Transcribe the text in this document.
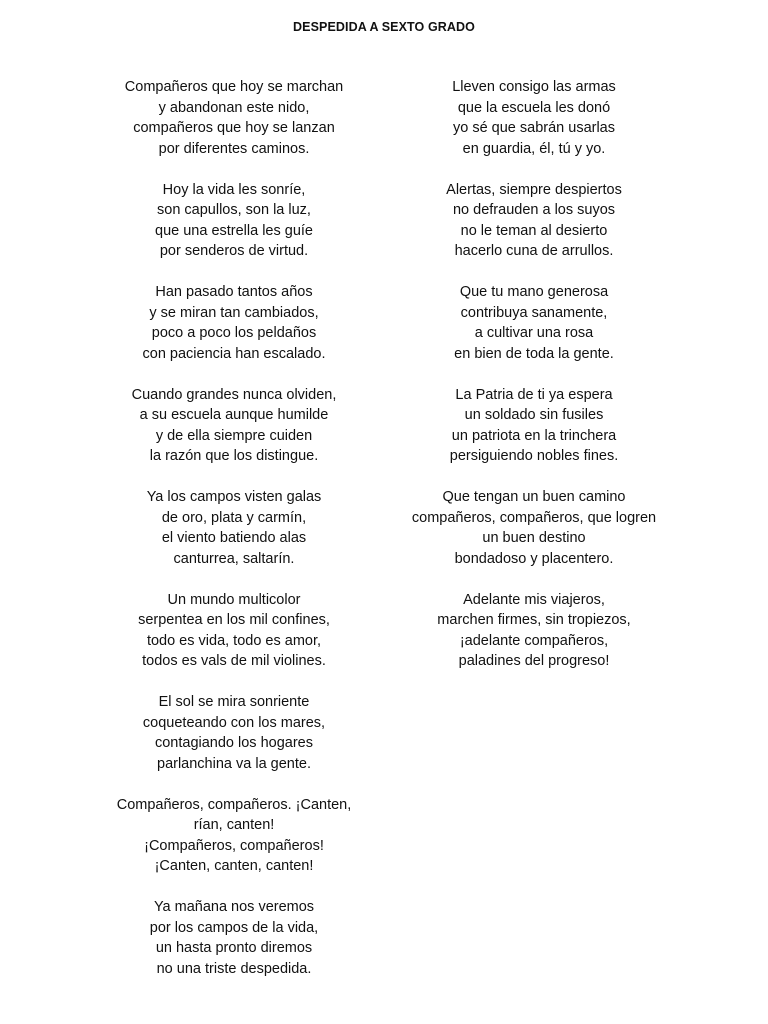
DESPEDIDA A SEXTO GRADO
Compañeros que hoy se marchan
y abandonan este nido,
compañeros que hoy se lanzan
por diferentes caminos.
Hoy la vida les sonríe,
son capullos, son la luz,
que una estrella les guíe
por senderos de virtud.
Han pasado tantos años
y se miran tan cambiados,
poco a poco los peldaños
con paciencia han escalado.
Cuando grandes nunca olviden,
a su escuela aunque humilde
y de ella siempre cuiden
la razón que los distingue.
Ya los campos visten galas
de oro, plata y carmín,
el viento batiendo alas
canturrea, saltarín.
Un mundo multicolor
serpentea en los mil confines,
todo es vida, todo es amor,
todos es vals de mil violines.
El sol se mira sonriente
coqueteando con los mares,
contagiando los hogares
parlanchina va la gente.
Compañeros, compañeros. ¡Canten,
rían, canten!
¡Compañeros, compañeros!
¡Canten, canten, canten!
Ya mañana nos veremos
por los campos de la vida,
un hasta pronto diremos
no una triste despedida.
Lleven consigo las armas
que la escuela les donó
yo sé que sabrán usarlas
en guardia, él, tú y yo.
Alertas, siempre despiertos
no defrauden a los suyos
no le teman al desierto
hacerlo cuna de arrullos.
Que tu mano generosa
contribuya sanamente,
a cultivar una rosa
en bien de toda la gente.
La Patria de ti ya espera
un soldado sin fusiles
un patriota en la trinchera
persiguiendo nobles fines.
Que tengan un buen camino
compañeros, compañeros, que logren
un buen destino
bondadoso y placentero.
Adelante mis viajeros,
marchen firmes, sin tropiezos,
¡adelante compañeros,
paladines del progreso!
